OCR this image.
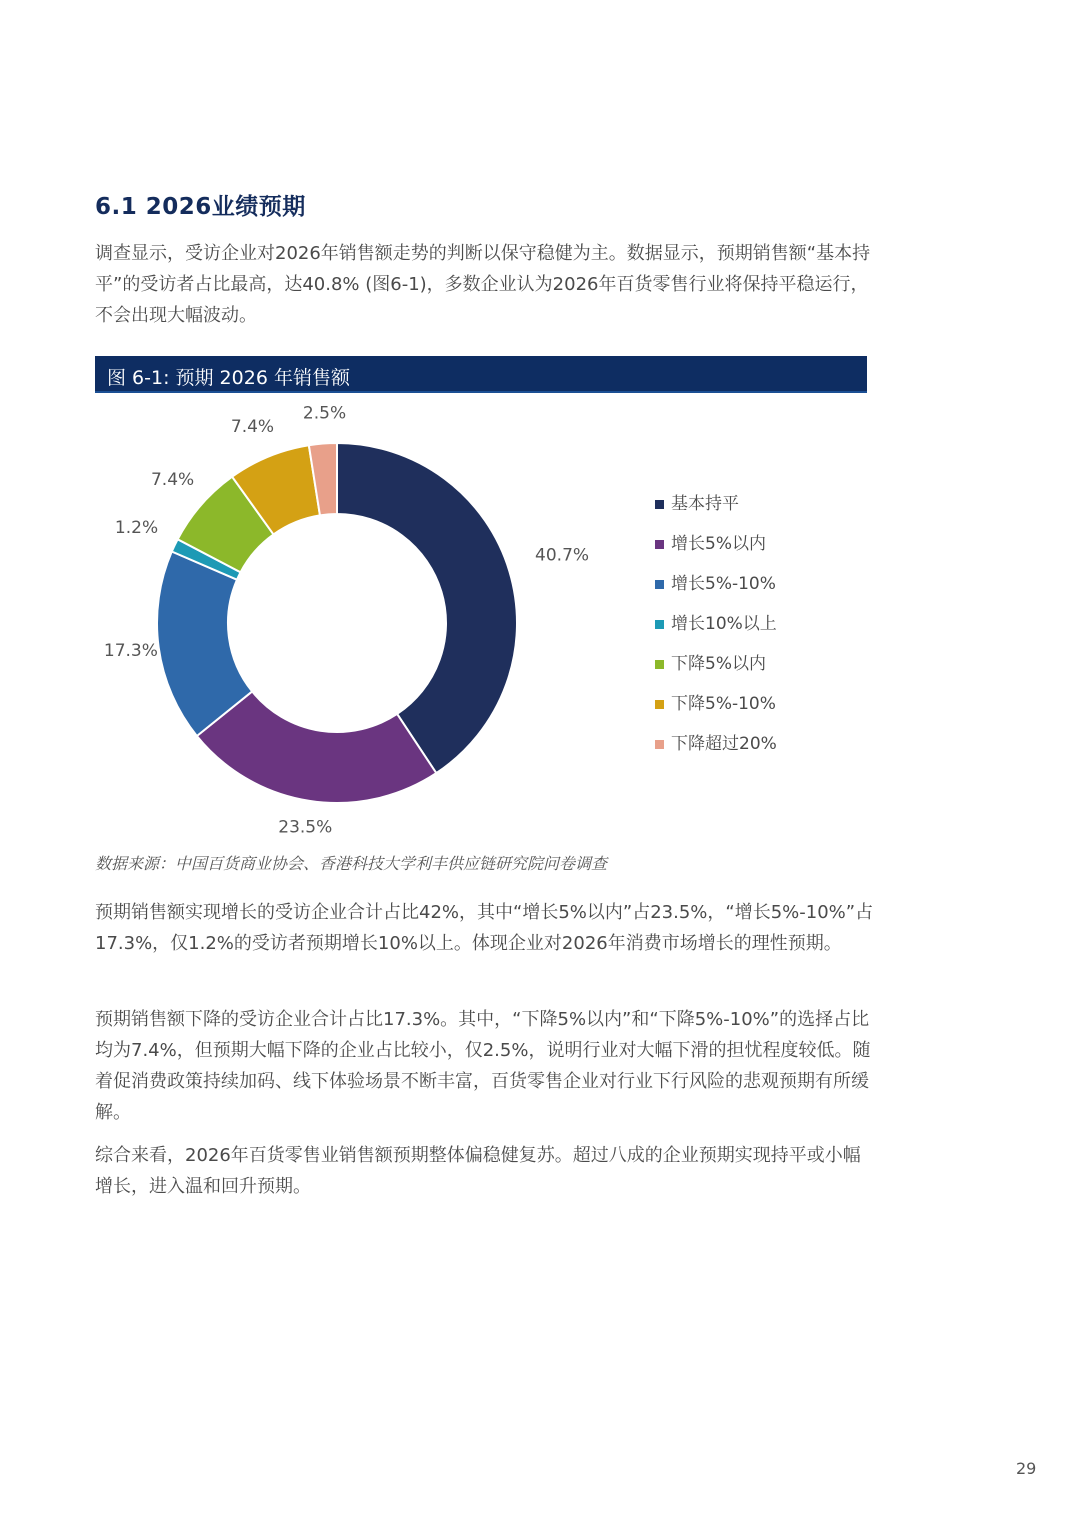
6.1 2026业绩预期

调查显示，受访企业对2026年销售额走势的判断以保守稳健为主。数据显示，预期销售额“基本持平”的受访者占比最高，达40.8% (图6-1)，多数企业认为2026年百货零售行业将保持平稳运行，不会出现大幅波动。

图 6-1: 预期 2026 年销售额
40.7%
23.5%
17.3%
1.2%
7.4%
7.4%
2.5%
基本持平
增长5%以内
增长5%-10%
增长10%以上
下降5%以内
下降5%-10%
下降超过20%

数据来源：中国百货商业协会、香港科技大学利丰供应链研究院问卷调查

预期销售额实现增长的受访企业合计占比42%，其中“增长5%以内”占23.5%，“增长5%-10%”占17.3%，仅1.2%的受访者预期增长10%以上。体现企业对2026年消费市场增长的理性预期。

预期销售额下降的受访企业合计占比17.3%。其中，“下降5%以内”和“下降5%-10%”的选择占比均为7.4%，但预期大幅下降的企业占比较小，仅2.5%，说明行业对大幅下滑的担忧程度较低。随着促消费政策持续加码、线下体验场景不断丰富，百货零售企业对行业下行风险的悲观预期有所缓解。

综合来看，2026年百货零售业销售额预期整体偏稳健复苏。超过八成的企业预期实现持平或小幅增长，进入温和回升预期。

29
